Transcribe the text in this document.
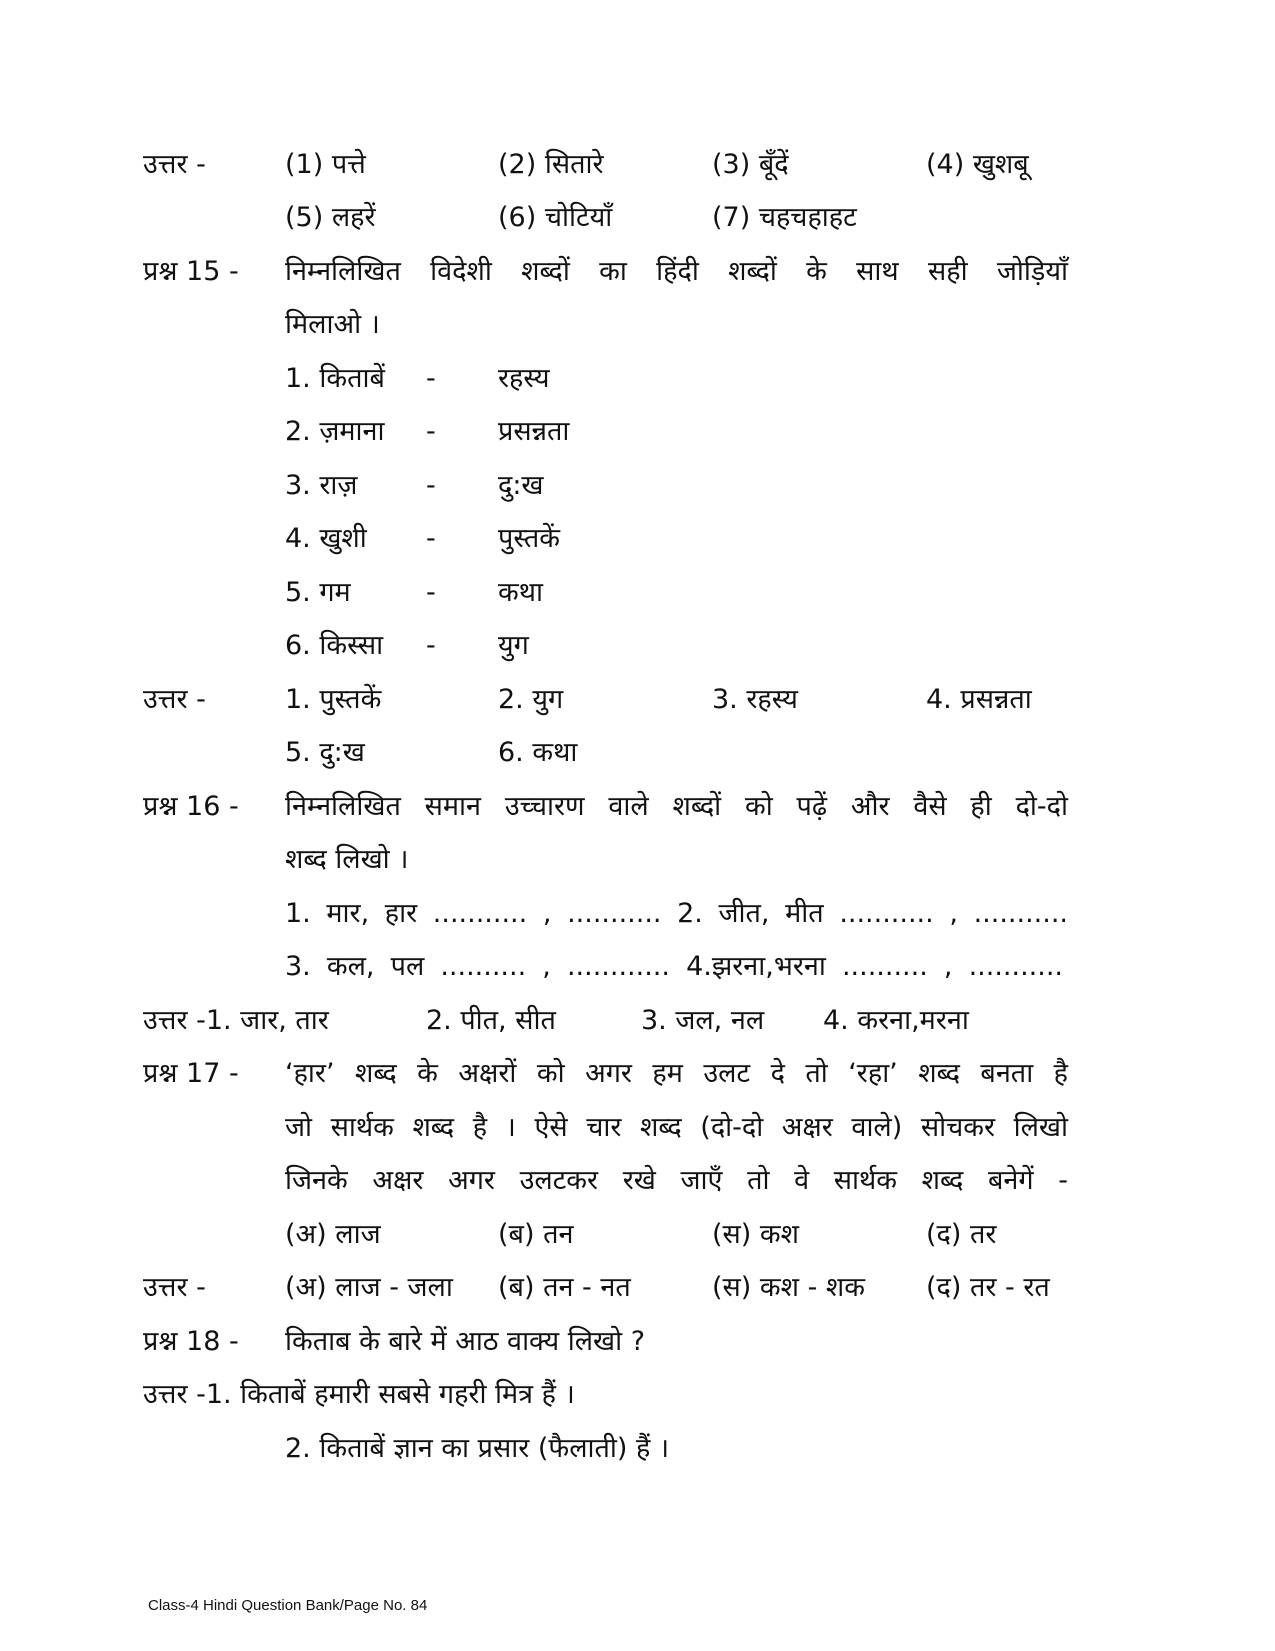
उत्तर -	(1) पत्ते	(2) सितारे	(3) बूँदें	(4) खुशबू
(5) लहरें	(6) चोटियाँ	(7) चहचहाहट
प्रश्न 15 - निम्नलिखित विदेशी शब्दों का हिंदी शब्दों के साथ सही जोड़ियाँ
मिलाओ ।
1. किताबें - रहस्य
2. ज़माना - प्रसन्नता
3. राज़	- दु:ख
4. खुशी - पुस्तकें
5. गम	- कथा
6. किस्सा - युग
उत्तर -	1. पुस्तकें	2. युग	3. रहस्य	4. प्रसन्नता
5. दु:ख	6. कथा
प्रश्न 16 - निम्नलिखित समान उच्चारण वाले शब्दों को पढ़ें और वैसे ही दो-दो
शब्द लिखो ।
1. मार, हार ........... , ........... 2. जीत, मीत ........... , ...........
3. कल, पल .......... , ............ 4.झरना,भरना .......... , ...........
उत्तर -1. जार, तार	2. पीत, सीत	3. जल, नल 4. करना,मरना
प्रश्न 17 - ‘हार’ शब्द के अक्षरों को अगर हम उलट दे तो ‘रहा’ शब्द बनता है
जो सार्थक शब्द है । ऐसे चार शब्द (दो-दो अक्षर वाले) सोचकर लिखो
जिनके अक्षर अगर उलटकर रखे जाएँ तो वे सार्थक शब्द बनेगें -
(अ) लाज	(ब) तन	(स) कश	(द) तर
उत्तर -	(अ) लाज - जला (ब) तन - नत	(स) कश - शक (द) तर - रत
प्रश्न 18 - किताब के बारे में आठ वाक्य लिखो ?
उत्तर -1. किताबें हमारी सबसे गहरी मित्र हैं ।
2. किताबें ज्ञान का प्रसार (फैलाती) हैं ।
Class-4 Hindi Question Bank/Page No. 84
